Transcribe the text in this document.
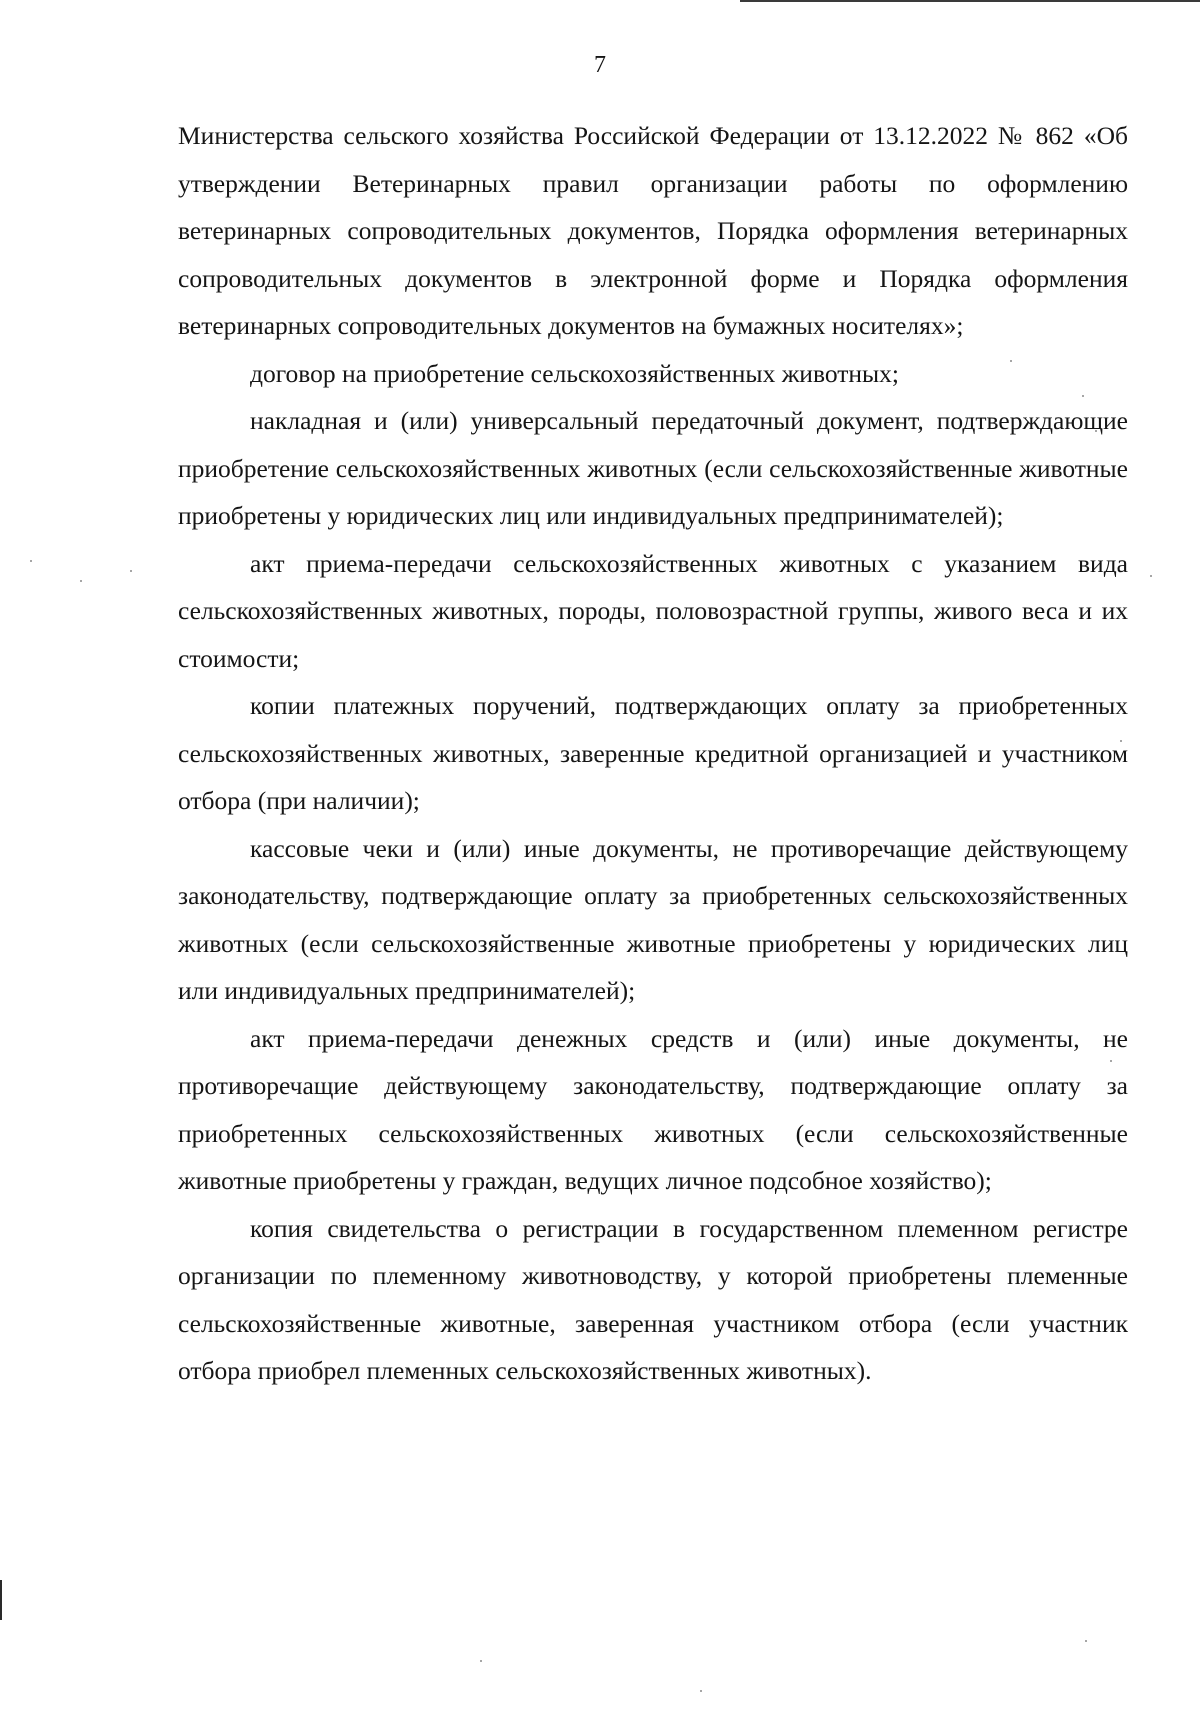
7

Министерства сельского хозяйства Российской Федерации от 13.12.2022 № 862 «Об утверждении Ветеринарных правил организации работы по оформлению ветеринарных сопроводительных документов, Порядка оформления ветеринарных сопроводительных документов в электронной форме и Порядка оформления ветеринарных сопроводительных документов на бумажных носителях»;

договор на приобретение сельскохозяйственных животных;

накладная и (или) универсальный передаточный документ, подтверждающие приобретение сельскохозяйственных животных (если сельскохозяйственные животные приобретены у юридических лиц или индивидуальных предпринимателей);

акт приема-передачи сельскохозяйственных животных с указанием вида сельскохозяйственных животных, породы, половозрастной группы, живого веса и их стоимости;

копии платежных поручений, подтверждающих оплату за приобретенных сельскохозяйственных животных, заверенные кредитной организацией и участником отбора (при наличии);

кассовые чеки и (или) иные документы, не противоречащие действующему законодательству, подтверждающие оплату за приобретенных сельскохозяйственных животных (если сельскохозяйственные животные приобретены у юридических лиц или индивидуальных предпринимателей);

акт приема-передачи денежных средств и (или) иные документы, не противоречащие действующему законодательству, подтверждающие оплату за приобретенных сельскохозяйственных животных (если сельскохозяйственные животные приобретены у граждан, ведущих личное подсобное хозяйство);

копия свидетельства о регистрации в государственном племенном регистре организации по племенному животноводству, у которой приобретены племенные сельскохозяйственные животные, заверенная участником отбора (если участник отбора приобрел племенных сельскохозяйственных животных).
